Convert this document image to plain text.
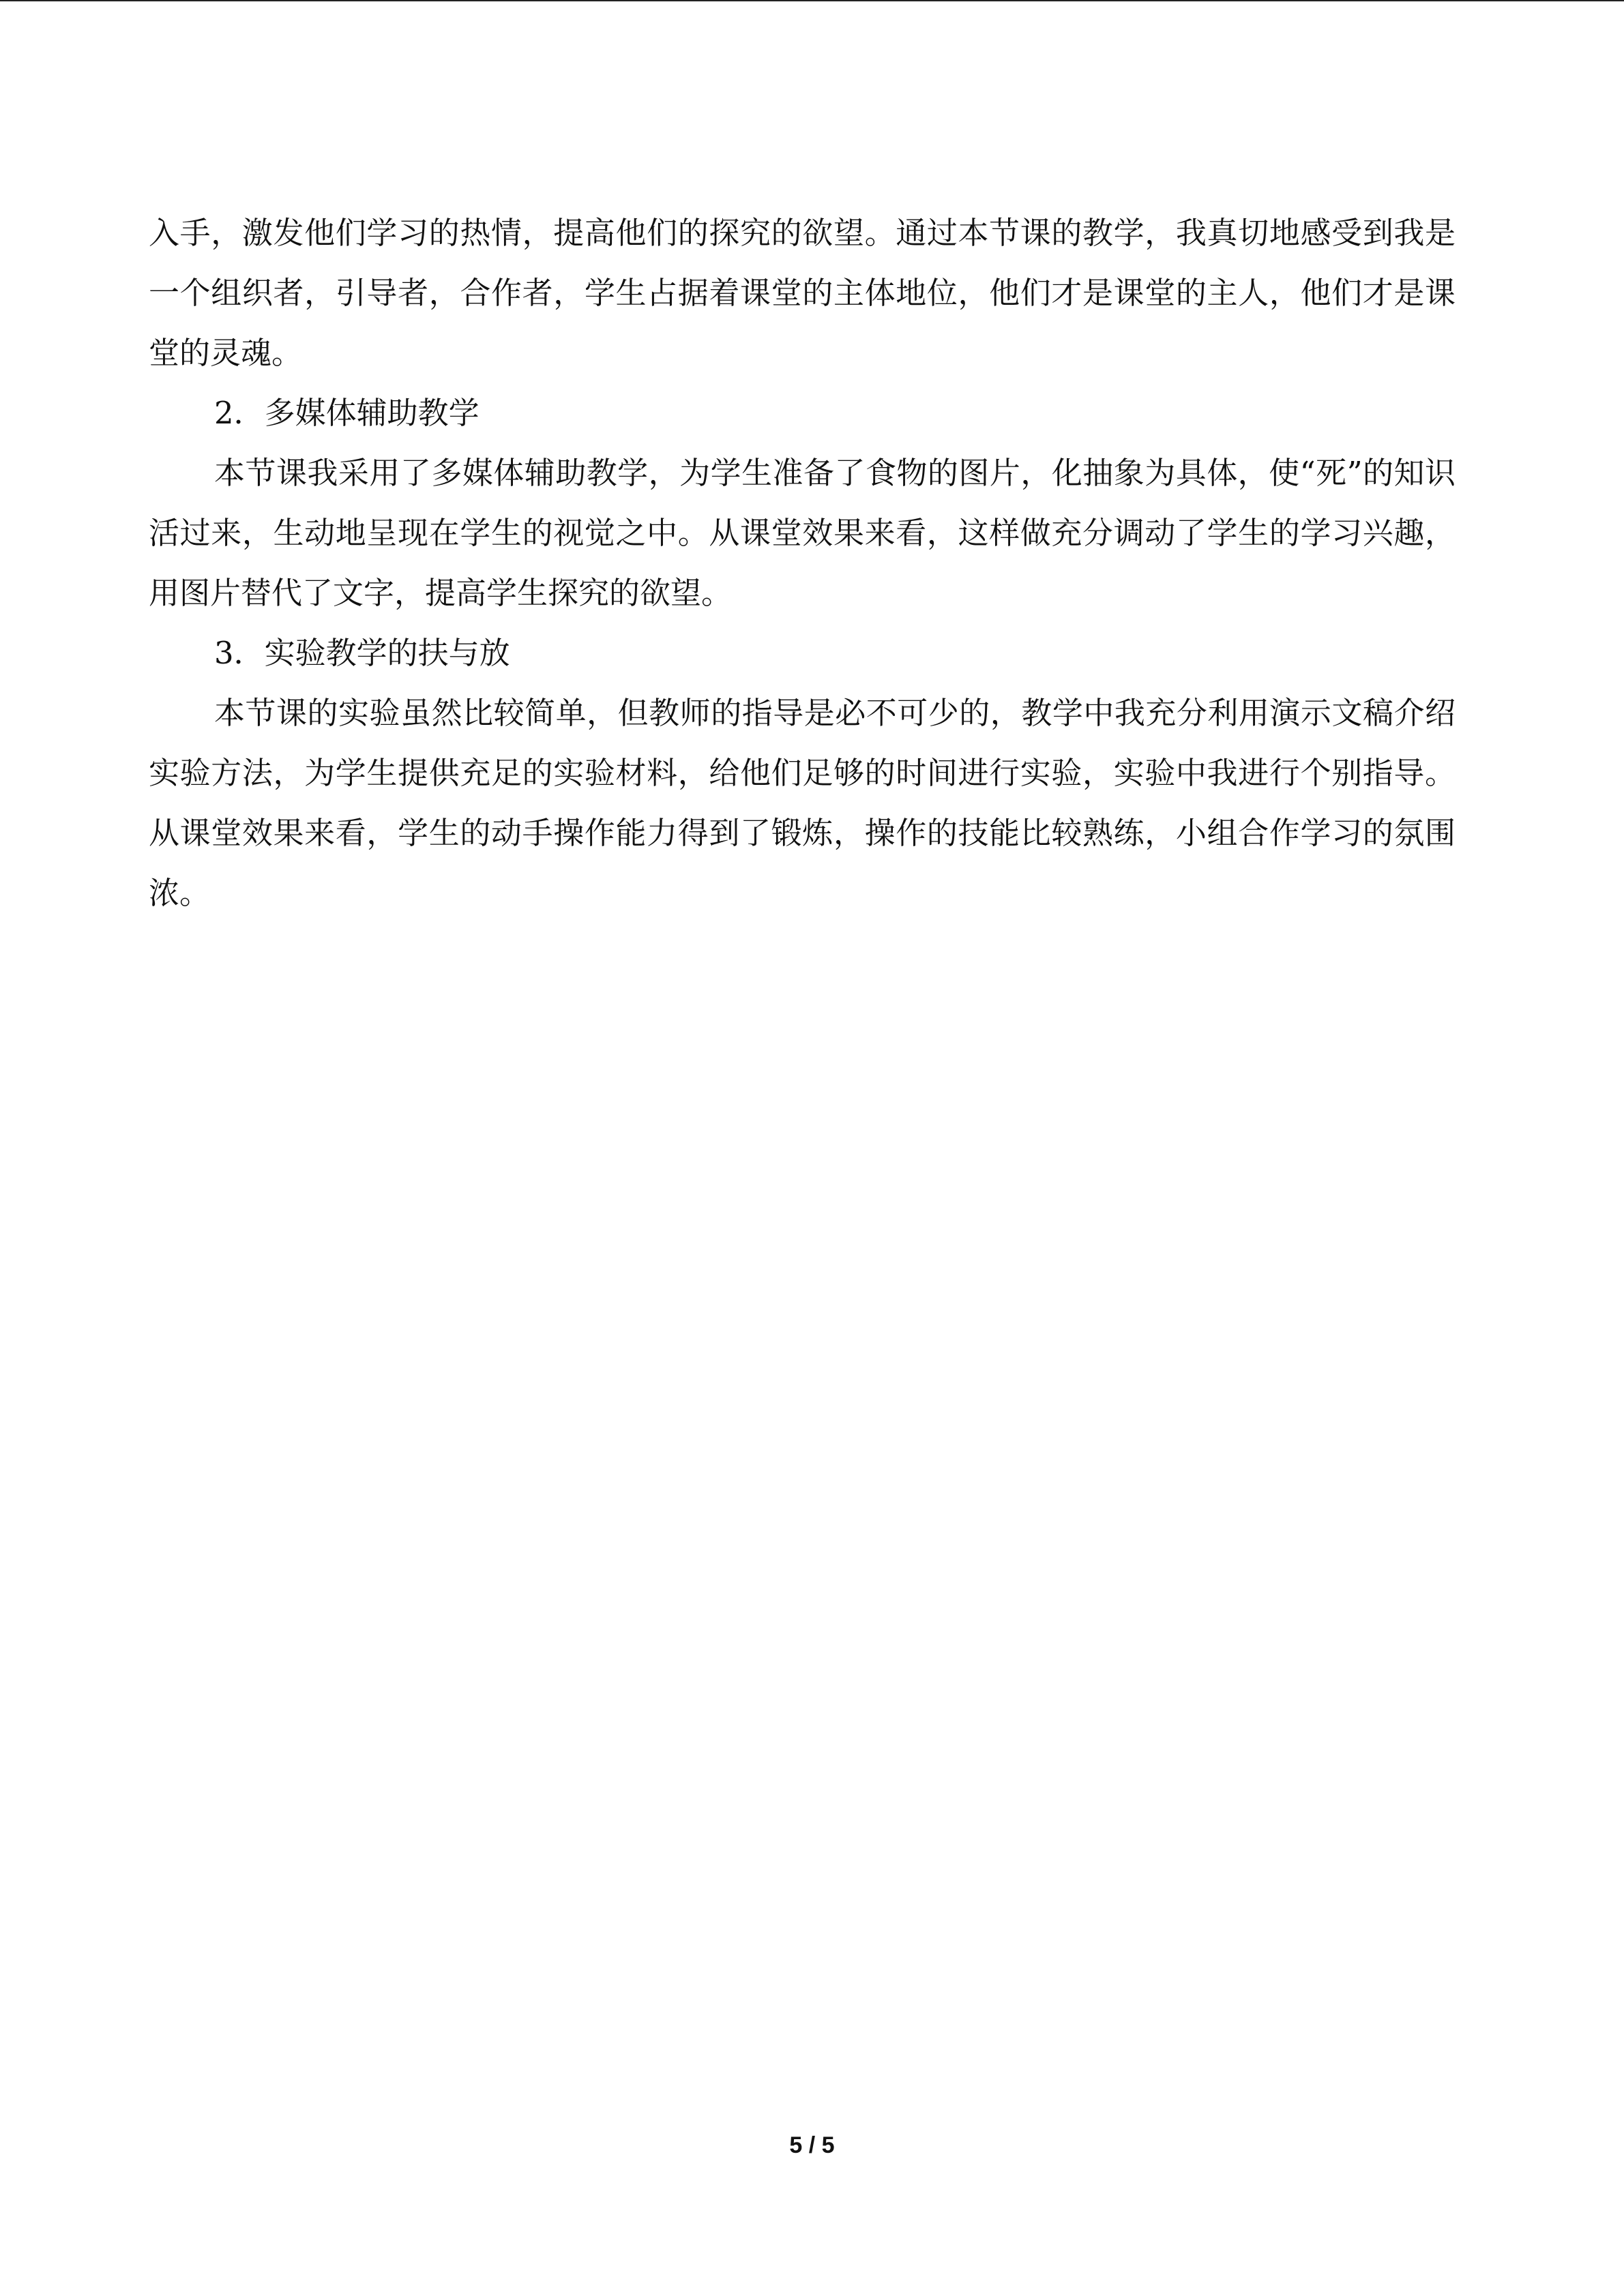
入手，激发他们学习的热情，提高他们的探究的欲望。通过本节课的教学，我真切地感受到我是一个组织者，引导者，合作者，学生占据着课堂的主体地位，他们才是课堂的主人，他们才是课堂的灵魂。

2．多媒体辅助教学

本节课我采用了多媒体辅助教学，为学生准备了食物的图片，化抽象为具体，使“死”的知识活过来，生动地呈现在学生的视觉之中。从课堂效果来看，这样做充分调动了学生的学习兴趣，用图片替代了文字，提高学生探究的欲望。

3．实验教学的扶与放

本节课的实验虽然比较简单，但教师的指导是必不可少的，教学中我充分利用演示文稿介绍实验方法，为学生提供充足的实验材料，给他们足够的时间进行实验，实验中我进行个别指导。从课堂效果来看，学生的动手操作能力得到了锻炼，操作的技能比较熟练，小组合作学习的氛围浓。

5 / 5
